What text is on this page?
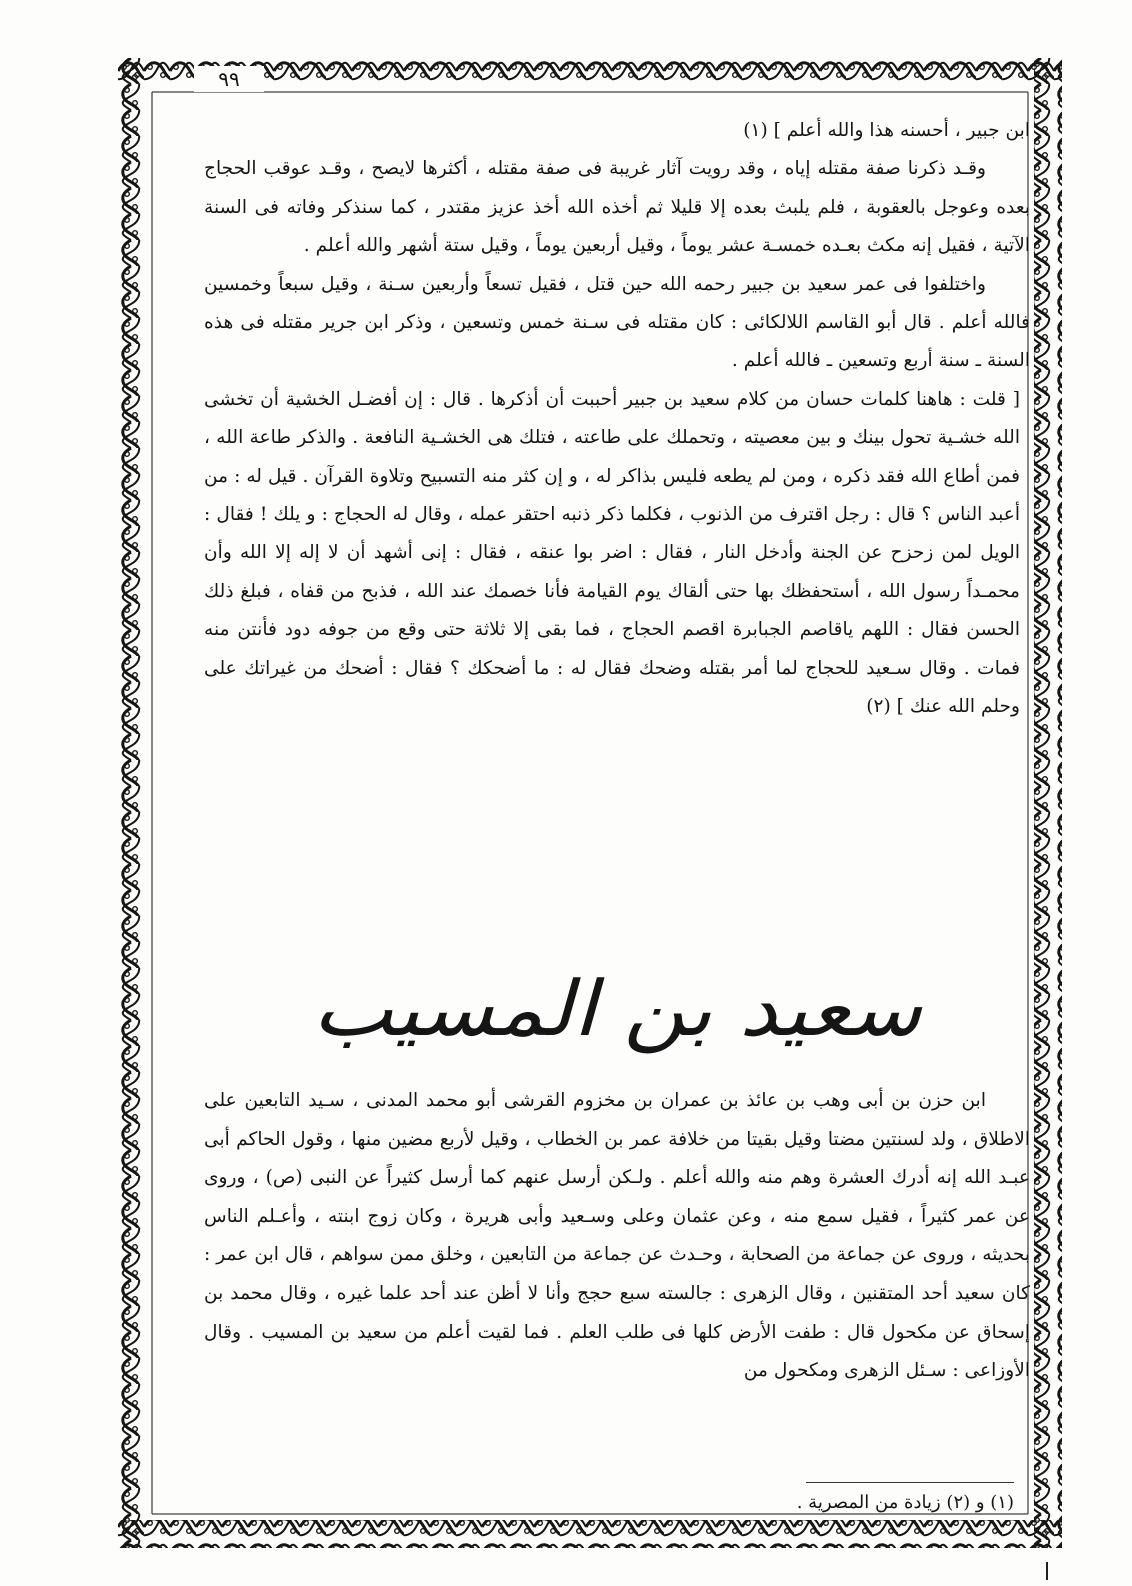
٩٩

ابن جبير ، أحسنه هذا والله أعلم ] (١)

وقـد ذكرنا صفة مقتله إياه ، وقد رويت آثار غريبة فى صفة مقتله ، أكثرها لايصح ، وقـد عوقب الحجاج بعده وعوجل بالعقوبة ، فلم يلبث بعده إلا قليلا ثم أخذه الله أخذ عزيز مقتدر ، كما سنذكر وفاته فى السنة الآتية ، فقيل إنه مكث بعـده خمسـة عشر يوماً ، وقيل أربعين يوماً ، وقيل ستة أشهر والله أعلم .

واختلفوا فى عمر سعيد بن جبير رحمه الله حين قتل ، فقيل تسعاً وأربعين سـنة ، وقيل سبعاً وخمسين فالله أعلم . قال أبو القاسم اللالكائى : كان مقتله فى سـنة خمس وتسعين ، وذكر ابن جرير مقتله فى هذه السنة ـ سنة أربع وتسعين ـ فالله أعلم .

[ قلت : هاهنا كلمات حسان من كلام سعيد بن جبير أحببت أن أذكرها . قال : إن أفضـل الخشية أن تخشى الله خشـية تحول بينك و بين معصيته ، وتحملك على طاعته ، فتلك هى الخشـية النافعة . والذكر طاعة الله ، فمن أطاع الله فقد ذكره ، ومن لم يطعه فليس بذاكر له ، و إن كثر منه التسبيح وتلاوة القرآن . قيل له : من أعبد الناس ؟ قال : رجل اقترف من الذنوب ، فكلما ذكر ذنبه احتقر عمله ، وقال له الحجاج : و يلك ! فقال : الويل لمن زحزح عن الجنة وأدخل النار ، فقال : اضر بوا عنقه ، فقال : إنى أشهد أن لا إله إلا الله وأن محمـداً رسول الله ، أستحفظك بها حتى ألقاك يوم القيامة فأنا خصمك عند الله ، فذبح من قفاه ، فبلغ ذلك الحسن فقال : اللهم ياقاصم الجبابرة اقصم الحجاج ، فما بقى إلا ثلاثة حتى وقع من جوفه دود فأنتن منه فمات . وقال سـعيد للحجاج لما أمر بقتله وضحك فقال له : ما أضحكك ؟ فقال : أضحك من غيراتك على وحلم الله عنك ] (٢)

سعيد بن المسيب

ابن حزن بن أبى وهب بن عائذ بن عمران بن مخزوم القرشى أبو محمد المدنى ، سـيد التابعين على الاطلاق ، ولد لسنتين مضتا وقيل بقيتا من خلافة عمر بن الخطاب ، وقيل لأربع مضين منها ، وقول الحاكم أبى عبـد الله إنه أدرك العشرة وهم منه والله أعلم . ولـكن أرسل عنهم كما أرسل كثيراً عن النبى (ص) ، وروى عن عمر كثيراً ، فقيل سمع منه ، وعن عثمان وعلى وسـعيد وأبى هريرة ، وكان زوج ابنته ، وأعـلم الناس بحديثه ، وروى عن جماعة من الصحابة ، وحـدث عن جماعة من التابعين ، وخلق ممن سواهم ، قال ابن عمر : كان سعيد أحد المتقنين ، وقال الزهرى : جالسته سبع حجج وأنا لا أظن عند أحد علما غيره ، وقال محمد بن إسحاق عن مكحول قال : طفت الأرض كلها فى طلب العلم . فما لقيت أعلم من سعيد بن المسيب . وقال الأوزاعى : سـئل الزهرى ومكحول من

(١) و (٢) زيادة من المصرية .
